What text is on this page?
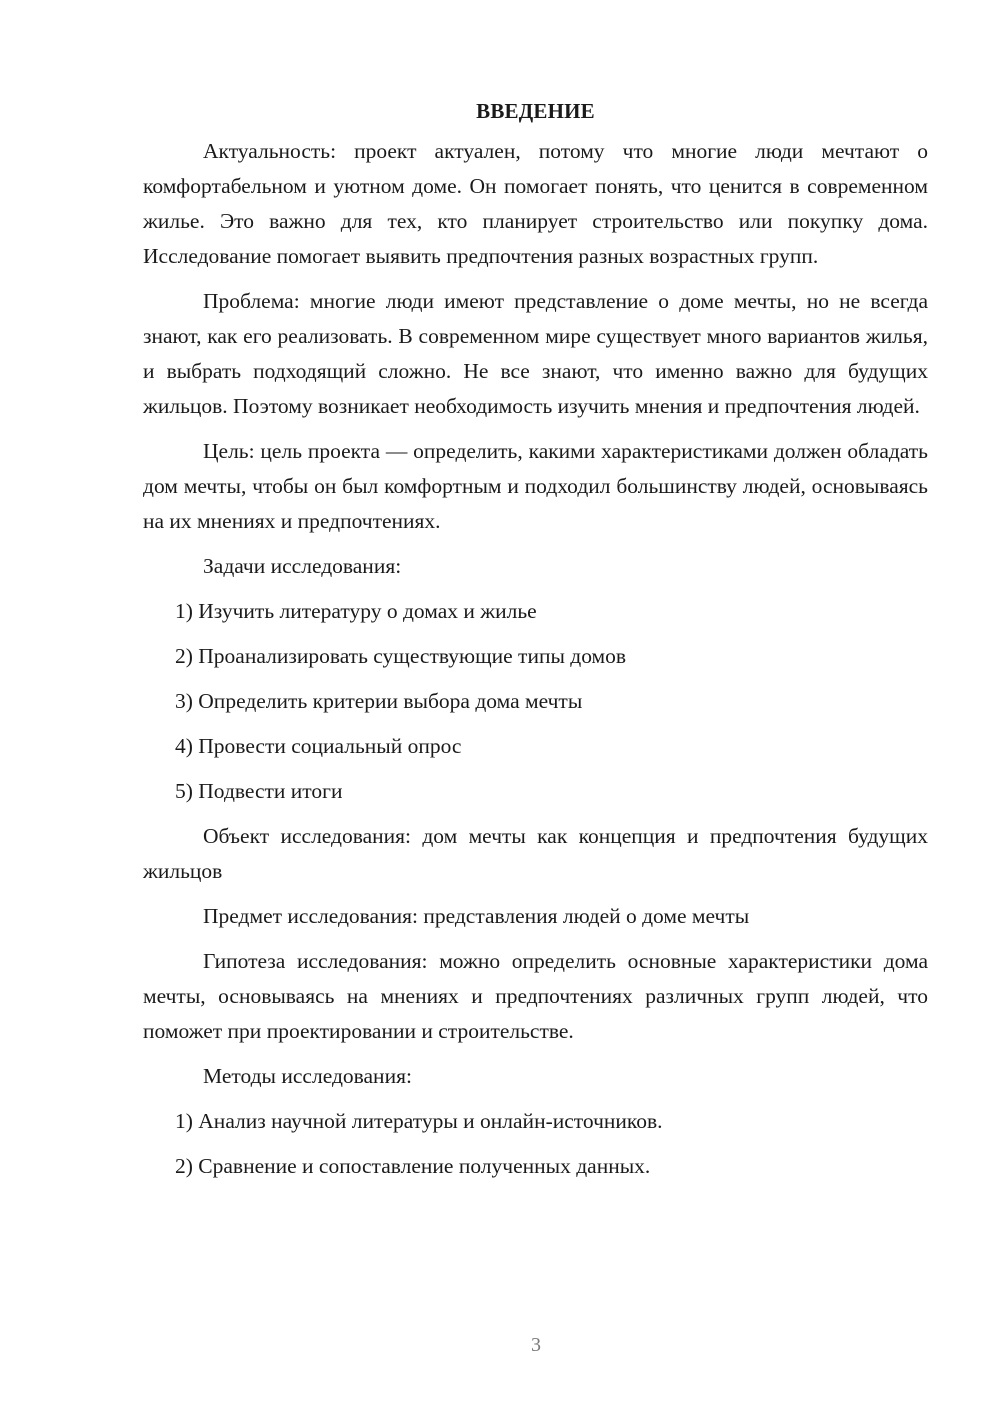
ВВЕДЕНИЕ

Актуальность: проект актуален, потому что многие люди мечтают о комфортабельном и уютном доме. Он помогает понять, что ценится в современном жилье. Это важно для тех, кто планирует строительство или покупку дома. Исследование помогает выявить предпочтения разных возрастных групп.

Проблема: многие люди имеют представление о доме мечты, но не всегда знают, как его реализовать. В современном мире существует много вариантов жилья, и выбрать подходящий сложно. Не все знают, что именно важно для будущих жильцов. Поэтому возникает необходимость изучить мнения и предпочтения людей.

Цель: цель проекта — определить, какими характеристиками должен обладать дом мечты, чтобы он был комфортным и подходил большинству людей, основываясь на их мнениях и предпочтениях.

Задачи исследования:
1) Изучить литературу о домах и жилье
2) Проанализировать существующие типы домов
3) Определить критерии выбора дома мечты
4) Провести социальный опрос
5) Подвести итоги

Объект исследования: дом мечты как концепция и предпочтения будущих жильцов

Предмет исследования: представления людей о доме мечты

Гипотеза исследования: можно определить основные характеристики дома мечты, основываясь на мнениях и предпочтениях различных групп людей, что поможет при проектировании и строительстве.

Методы исследования:
1) Анализ научной литературы и онлайн-источников.
2) Сравнение и сопоставление полученных данных.
3
